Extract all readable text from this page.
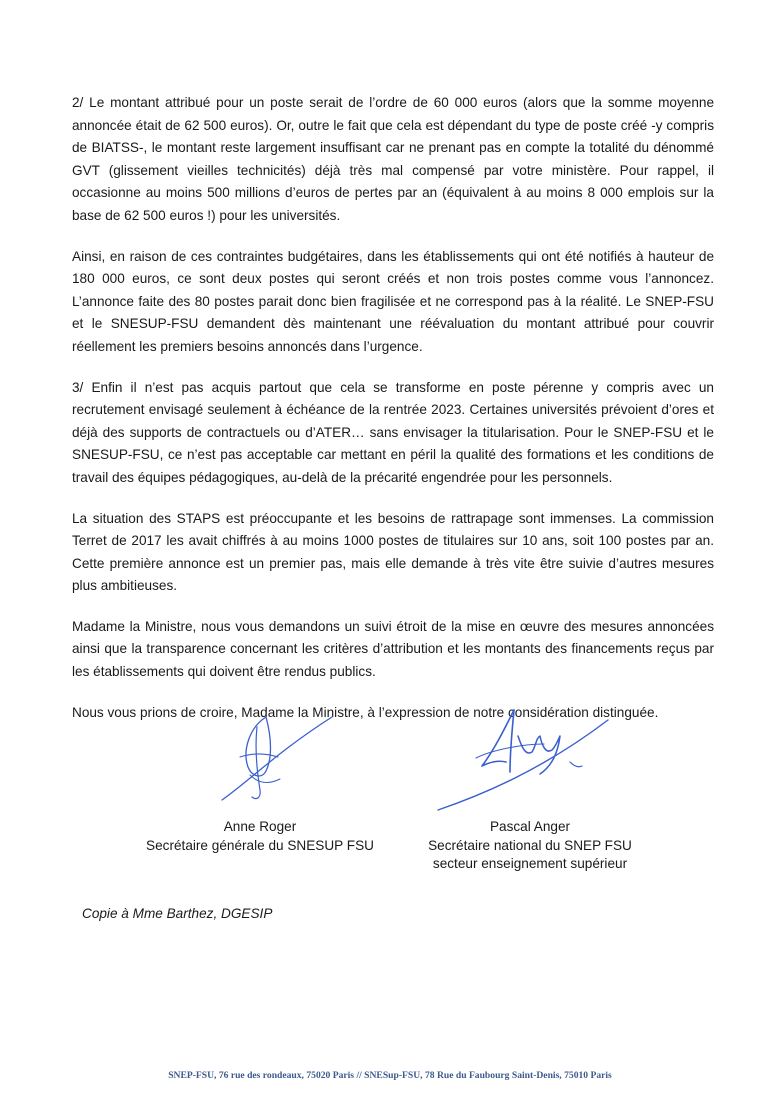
2/ Le montant attribué pour un poste serait de l’ordre de 60 000 euros (alors que la somme moyenne annoncée était de 62 500 euros). Or, outre le fait que cela est dépendant du type de poste créé -y compris de BIATSS-, le montant reste largement insuffisant car ne prenant pas en compte la totalité du dénommé GVT (glissement vieilles technicités) déjà très mal compensé par votre ministère. Pour rappel, il occasionne au moins 500 millions d’euros de pertes par an (équivalent à au moins 8 000 emplois sur la base de 62 500 euros !) pour les universités.

Ainsi, en raison de ces contraintes budgétaires, dans les établissements qui ont été notifiés à hauteur de 180 000 euros, ce sont deux postes qui seront créés et non trois postes comme vous l’annoncez. L’annonce faite des 80 postes parait donc bien fragilisée et ne correspond pas à la réalité. Le SNEP-FSU et le SNESUP-FSU demandent dès maintenant une réévaluation du montant attribué pour couvrir réellement les premiers besoins annoncés dans l’urgence.

3/ Enfin il n’est pas acquis partout que cela se transforme en poste pérenne y compris avec un recrutement envisagé seulement à échéance de la rentrée 2023. Certaines universités prévoient d’ores et déjà des supports de contractuels ou d’ATER… sans envisager la titularisation. Pour le SNEP-FSU et le SNESUP-FSU, ce n’est pas acceptable car mettant en péril la qualité des formations et les conditions de travail des équipes pédagogiques, au-delà de la précarité engendrée pour les personnels.

La situation des STAPS est préoccupante et les besoins de rattrapage sont immenses. La commission Terret de 2017 les avait chiffrés à au moins 1000 postes de titulaires sur 10 ans, soit 100 postes par an. Cette première annonce est un premier pas, mais elle demande à très vite être suivie d’autres mesures plus ambitieuses.

Madame la Ministre, nous vous demandons un suivi étroit de la mise en œuvre des mesures annoncées ainsi que la transparence concernant les critères d’attribution et les montants des financements reçus par les établissements qui doivent être rendus publics.

Nous vous prions de croire, Madame la Ministre, à l’expression de notre considération distinguée.

Anne Roger
Secrétaire générale du SNESUP FSU
Pascal Anger
Secrétaire national du SNEP FSU
secteur enseignement supérieur
Copie à Mme Barthez, DGESIP
SNEP-FSU, 76 rue des rondeaux, 75020 Paris // SNESup-FSU, 78 Rue du Faubourg Saint-Denis, 75010 Paris
